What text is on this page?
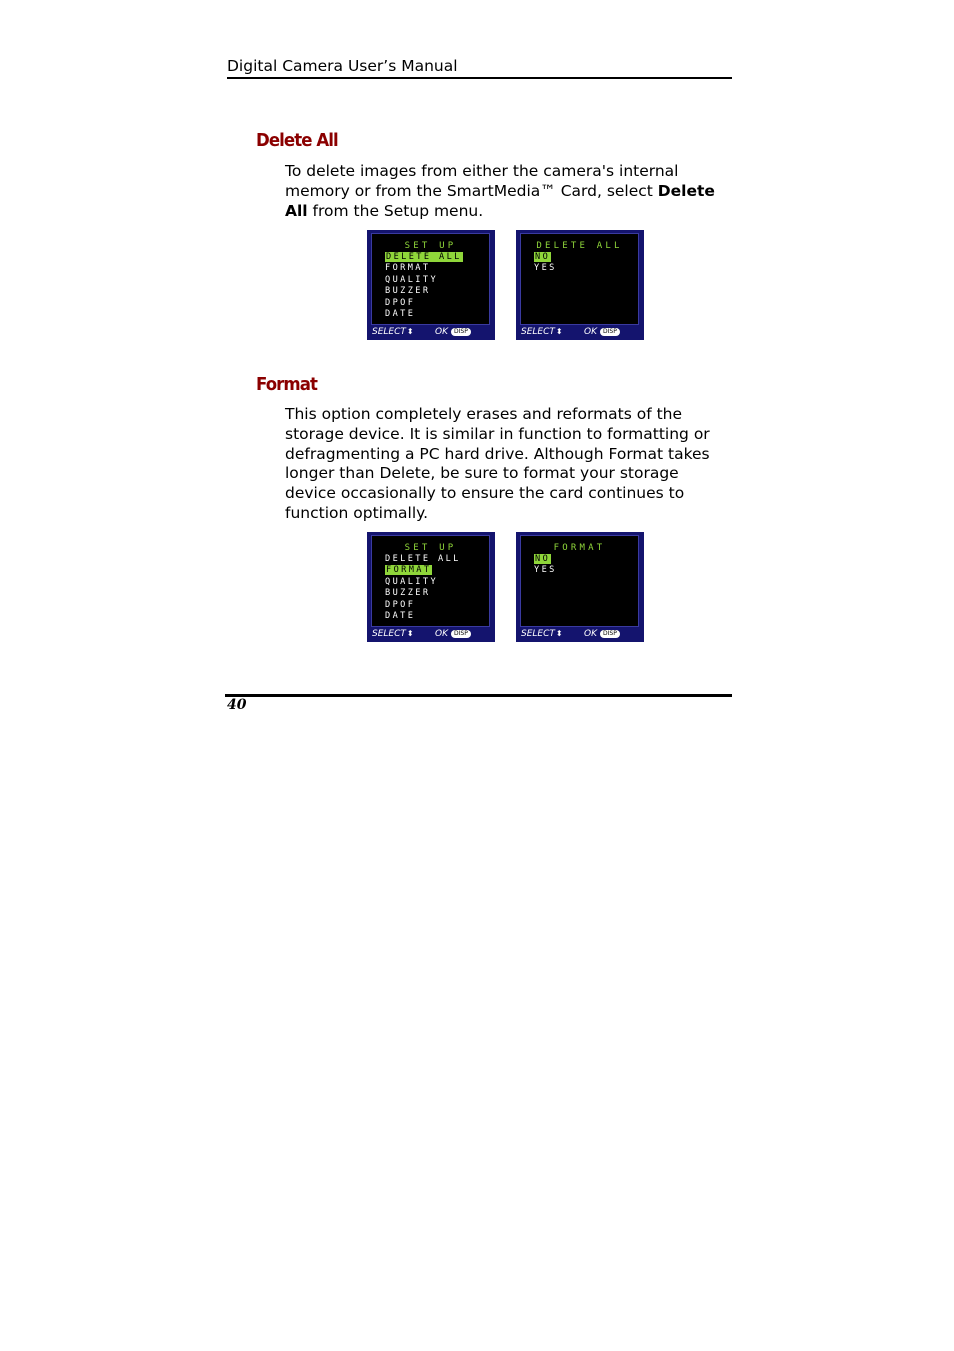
Digital Camera User’s Manual
Delete All
To delete images from either the camera's internal memory or from the SmartMedia™ Card, select Delete All from the Setup menu.
SET UP
DELETE ALL
FORMAT
QUALITY
BUZZER
DPOF
DATE
SELECT⬍ OK DISP
DELETE ALL
NO
YES
SELECT⬍ OK DISP
Format
This option completely erases and reformats of the storage device. It is similar in function to formatting or defragmenting a PC hard drive. Although Format takes longer than Delete, be sure to format your storage device occasionally to ensure the card continues to function optimally.
SET UP
DELETE ALL
FORMAT
QUALITY
BUZZER
DPOF
DATE
SELECT⬍ OK DISP
FORMAT
NO
YES
SELECT⬍ OK DISP
40
